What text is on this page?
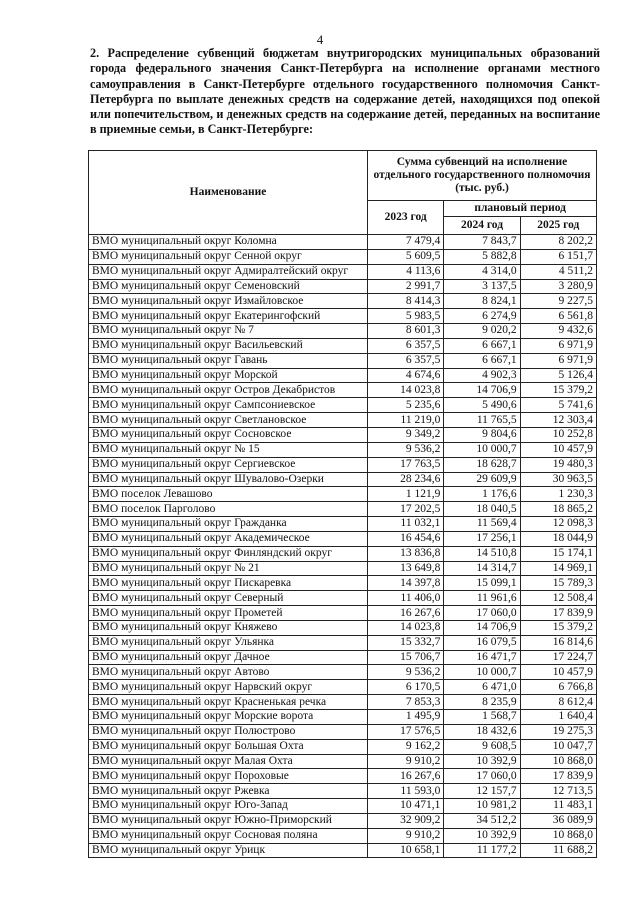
4
2. Распределение субвенций бюджетам внутригородских муниципальных образований города федерального значения Санкт-Петербурга на исполнение органами местного самоуправления в Санкт-Петербурге отдельного государственного полномочия Санкт-Петербурга по выплате денежных средств на содержание детей, находящихся под опекой или попечительством, и денежных средств на содержание детей, переданных на воспитание в приемные семьи, в Санкт-Петербурге:
Наименование	Сумма субвенций на исполнение отдельного государственного полномочия (тыс. руб.)		
	2023 год	плановый период	
		2024 год	2025 год
ВМО муниципальный округ Коломна	7 479,4	7 843,7	8 202,2
ВМО муниципальный округ Сенной округ	5 609,5	5 882,8	6 151,7
ВМО муниципальный округ Адмиралтейский округ	4 113,6	4 314,0	4 511,2
ВМО муниципальный округ Семеновский	2 991,7	3 137,5	3 280,9
ВМО муниципальный округ Измайловское	8 414,3	8 824,1	9 227,5
ВМО муниципальный округ Екатерингофский	5 983,5	6 274,9	6 561,8
ВМО муниципальный округ № 7	8 601,3	9 020,2	9 432,6
ВМО муниципальный округ Васильевский	6 357,5	6 667,1	6 971,9
ВМО муниципальный округ Гавань	6 357,5	6 667,1	6 971,9
ВМО муниципальный округ Морской	4 674,6	4 902,3	5 126,4
ВМО муниципальный округ Остров Декабристов	14 023,8	14 706,9	15 379,2
ВМО муниципальный округ Сампсониевское	5 235,6	5 490,6	5 741,6
ВМО муниципальный округ Светлановское	11 219,0	11 765,5	12 303,4
ВМО муниципальный округ Сосновское	9 349,2	9 804,6	10 252,8
ВМО муниципальный округ № 15	9 536,2	10 000,7	10 457,9
ВМО муниципальный округ Сергиевское	17 763,5	18 628,7	19 480,3
ВМО муниципальный округ Шувалово-Озерки	28 234,6	29 609,9	30 963,5
ВМО поселок Левашово	1 121,9	1 176,6	1 230,3
ВМО поселок Парголово	17 202,5	18 040,5	18 865,2
ВМО муниципальный округ Гражданка	11 032,1	11 569,4	12 098,3
ВМО муниципальный округ Академическое	16 454,6	17 256,1	18 044,9
ВМО муниципальный округ Финляндский округ	13 836,8	14 510,8	15 174,1
ВМО муниципальный округ № 21	13 649,8	14 314,7	14 969,1
ВМО муниципальный округ Пискаревка	14 397,8	15 099,1	15 789,3
ВМО муниципальный округ Северный	11 406,0	11 961,6	12 508,4
ВМО муниципальный округ Прометей	16 267,6	17 060,0	17 839,9
ВМО муниципальный округ Княжево	14 023,8	14 706,9	15 379,2
ВМО муниципальный округ Ульянка	15 332,7	16 079,5	16 814,6
ВМО муниципальный округ Дачное	15 706,7	16 471,7	17 224,7
ВМО муниципальный округ Автово	9 536,2	10 000,7	10 457,9
ВМО муниципальный округ Нарвский округ	6 170,5	6 471,0	6 766,8
ВМО муниципальный округ Красненькая речка	7 853,3	8 235,9	8 612,4
ВМО муниципальный округ Морские ворота	1 495,9	1 568,7	1 640,4
ВМО муниципальный округ Полюстрово	17 576,5	18 432,6	19 275,3
ВМО муниципальный округ Большая Охта	9 162,2	9 608,5	10 047,7
ВМО муниципальный округ Малая Охта	9 910,2	10 392,9	10 868,0
ВМО муниципальный округ Пороховые	16 267,6	17 060,0	17 839,9
ВМО муниципальный округ Ржевка	11 593,0	12 157,7	12 713,5
ВМО муниципальный округ Юго-Запад	10 471,1	10 981,2	11 483,1
ВМО муниципальный округ Южно-Приморский	32 909,2	34 512,2	36 089,9
ВМО муниципальный округ Сосновая поляна	9 910,2	10 392,9	10 868,0
ВМО муниципальный округ Урицк	10 658,1	11 177,2	11 688,2
